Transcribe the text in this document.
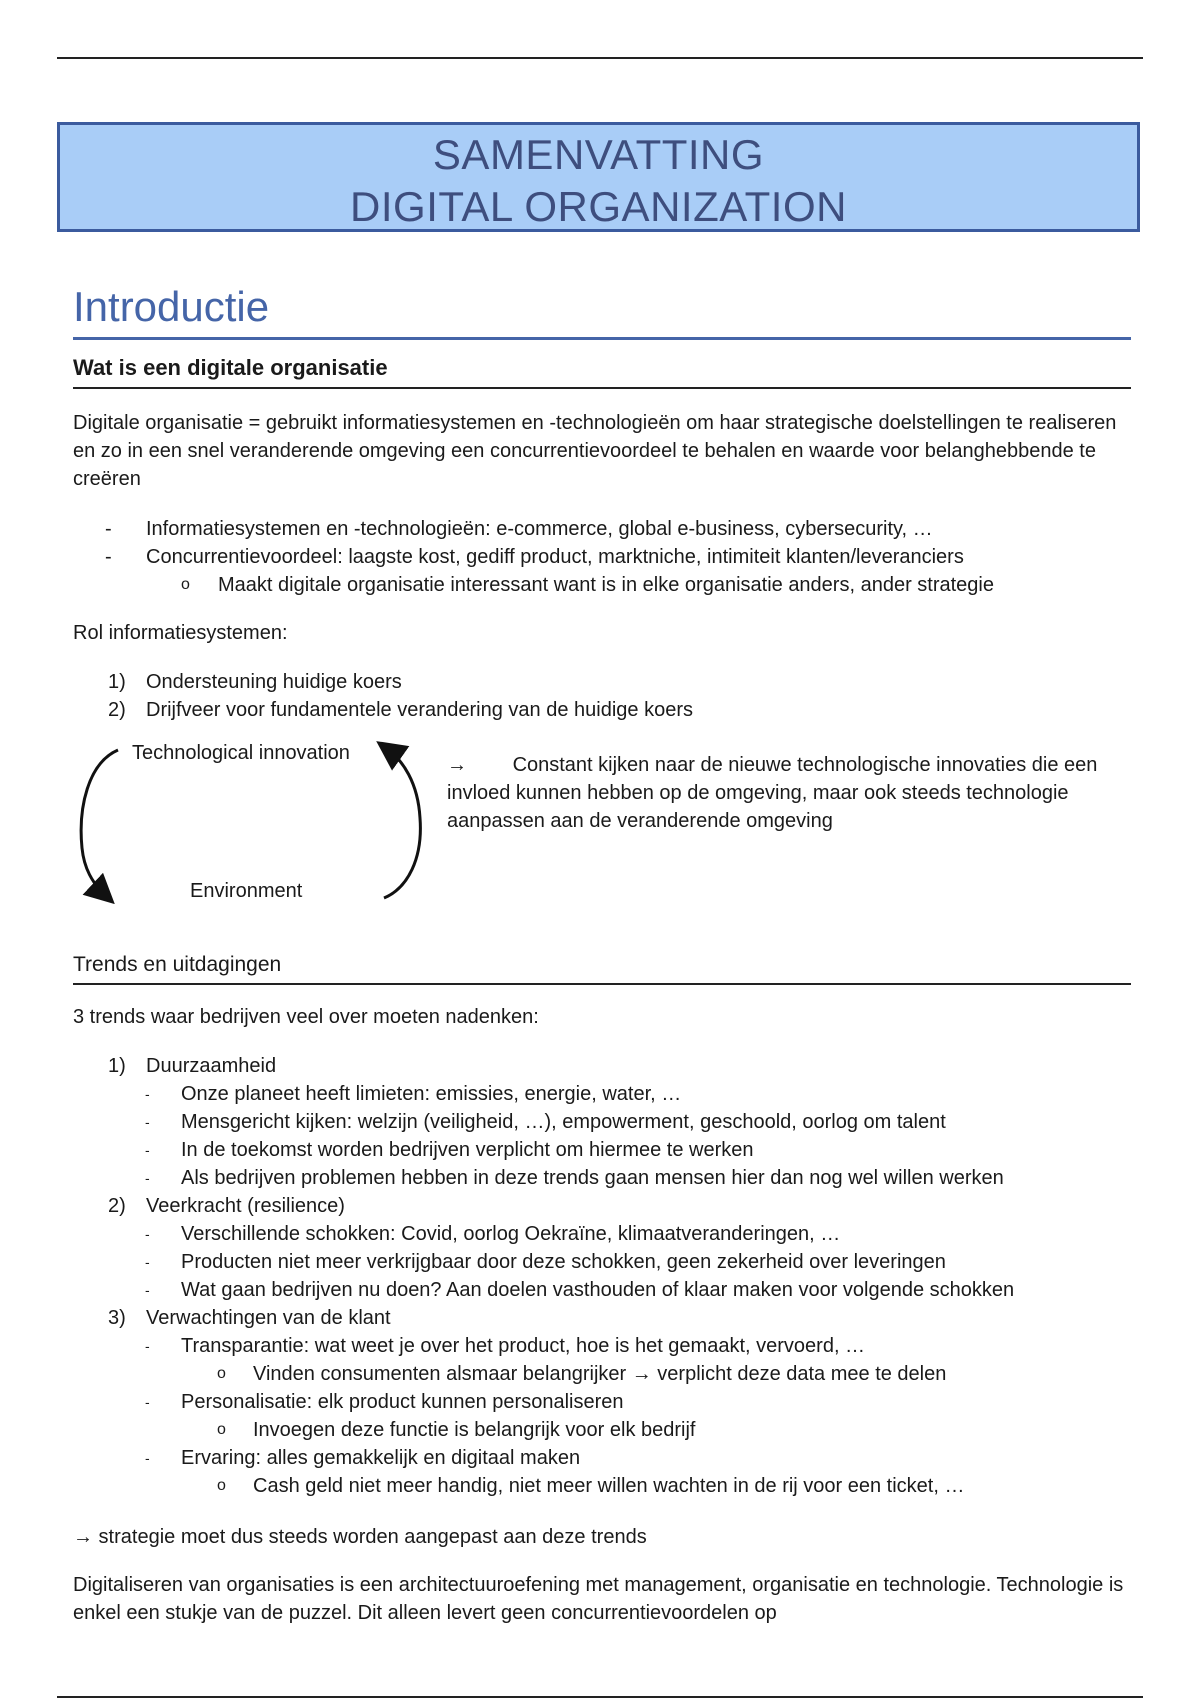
SAMENVATTING
DIGITAL ORGANIZATION
Introductie
Wat is een digitale organisatie
Digitale organisatie = gebruikt informatiesystemen en -technologieën om haar strategische doelstellingen te realiseren en zo in een snel veranderende omgeving een concurrentievoordeel te behalen en waarde voor belanghebbende te creëren
- Informatiesystemen en -technologieën: e-commerce, global e-business, cybersecurity, …
- Concurrentievoordeel: laagste kost, gediff product, marktniche, intimiteit klanten/leveranciers
o Maakt digitale organisatie interessant want is in elke organisatie anders, ander strategie
Rol informatiesystemen:
1) Ondersteuning huidige koers
2) Drijfveer voor fundamentele verandering van de huidige koers
Technological innovation
Environment
→ Constant kijken naar de nieuwe technologische innovaties die een invloed kunnen hebben op de omgeving, maar ook steeds technologie aanpassen aan de veranderende omgeving
Trends en uitdagingen
3 trends waar bedrijven veel over moeten nadenken:
1) Duurzaamheid
- Onze planeet heeft limieten: emissies, energie, water, …
- Mensgericht kijken: welzijn (veiligheid, …), empowerment, geschoold, oorlog om talent
- In de toekomst worden bedrijven verplicht om hiermee te werken
- Als bedrijven problemen hebben in deze trends gaan mensen hier dan nog wel willen werken
2) Veerkracht (resilience)
- Verschillende schokken: Covid, oorlog Oekraïne, klimaatveranderingen, …
- Producten niet meer verkrijgbaar door deze schokken, geen zekerheid over leveringen
- Wat gaan bedrijven nu doen? Aan doelen vasthouden of klaar maken voor volgende schokken
3) Verwachtingen van de klant
- Transparantie: wat weet je over het product, hoe is het gemaakt, vervoerd, …
o Vinden consumenten alsmaar belangrijker → verplicht deze data mee te delen
- Personalisatie: elk product kunnen personaliseren
o Invoegen deze functie is belangrijk voor elk bedrijf
- Ervaring: alles gemakkelijk en digitaal maken
o Cash geld niet meer handig, niet meer willen wachten in de rij voor een ticket, …
→ strategie moet dus steeds worden aangepast aan deze trends
Digitaliseren van organisaties is een architectuuroefening met management, organisatie en technologie. Technologie is enkel een stukje van de puzzel. Dit alleen levert geen concurrentievoordelen op
